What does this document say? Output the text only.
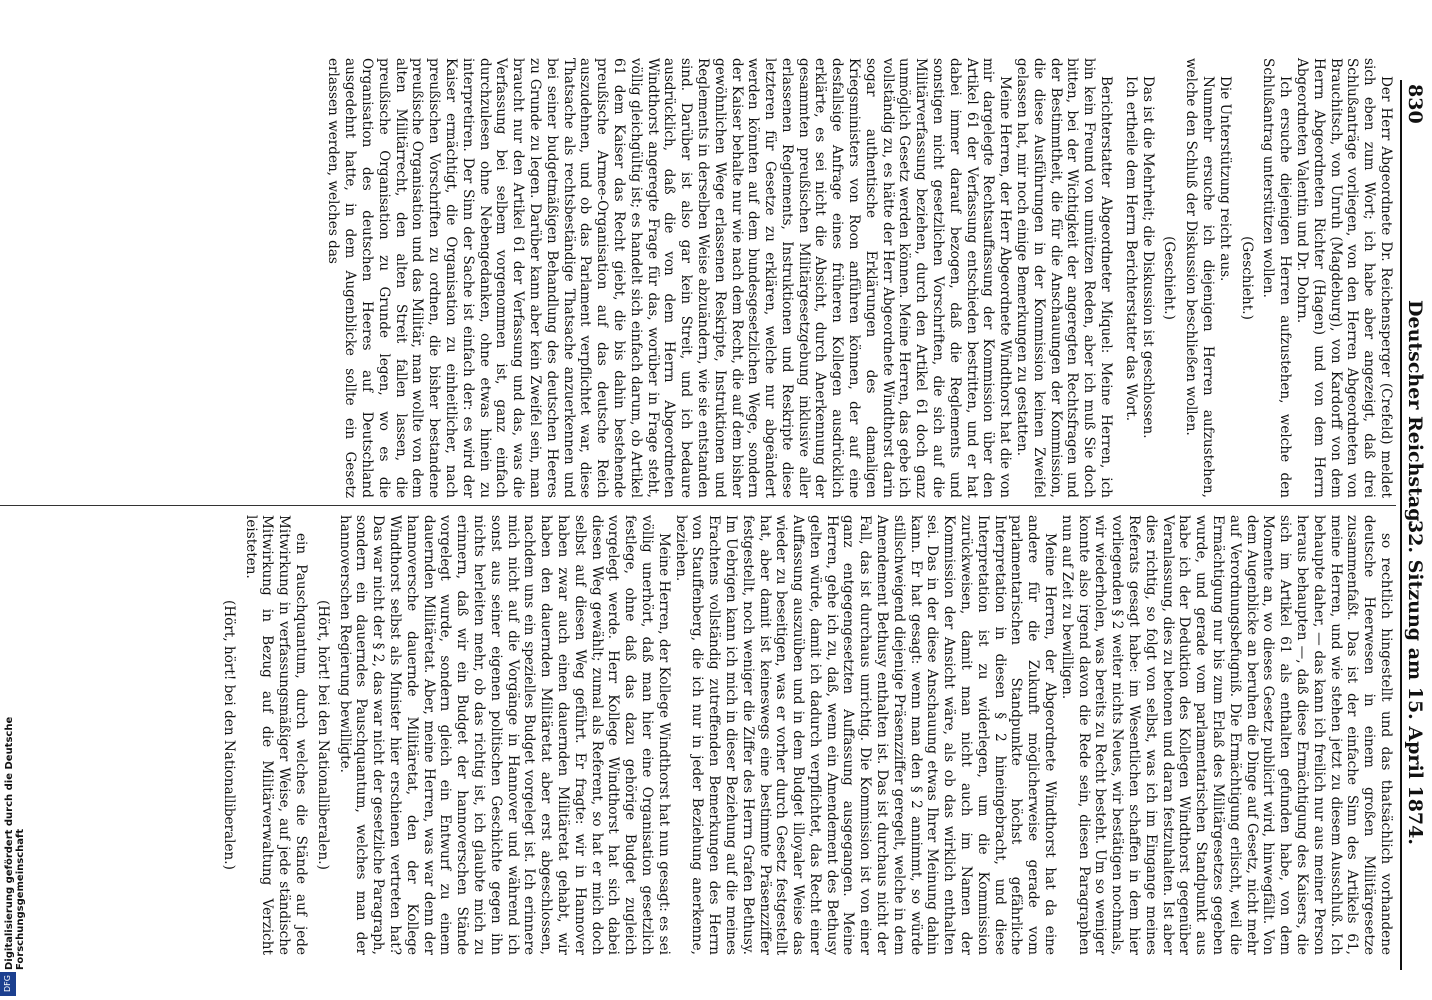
830
Deutscher Reichstag.
32. Sitzung am 15. April 1874.

Der Herr Abgeordnete Dr. Reichensperger (Crefeld) meldet sich eben zum Wort; ich habe aber angezeigt, daß drei Schlußanträge vorliegen, von den Herren Abgeordneten von Brauchitsch, von Unruh (Magdeburg), von Kardorff von dem Herrn Abgeordneten Richter (Hagen) und von dem Herrn Abgeordneten Valentin und Dr. Dohrn.

Ich ersuche diejenigen Herren aufzustehen, welche den Schlußantrag unterstützen wollen.

(Geschieht.)

Die Unterstützung reicht aus.

Nunmehr ersuche ich diejenigen Herren aufzustehen, welche den Schluß der Diskussion beschließen wollen.

(Geschieht.)

Das ist die Mehrheit; die Diskussion ist geschlossen.

Ich ertheile dem Herrn Berichterstatter das Wort.

Berichterstatter Abgeordneter Miquel: Meine Herren, ich bin kein Freund von unnützen Reden, aber ich muß Sie doch bitten, bei der Wichtigkeit der angeregten Rechtsfragen und der Bestimmtheit, die für die Anschauungen der Kommission, die diese Ausführungen in der Kommission keinen Zweifel gelassen hat, mir noch einige Bemerkungen zu gestatten.

Meine Herren, der Herr Abgeordnete Windthorst hat die von mir dargelegte Rechtsauffassung der Kommission über den Artikel 61 der Verfassung entschieden bestritten, und er hat dabei immer darauf bezogen, daß die Reglements und sonstigen nicht gesetzlichen Vorschriften, die sich auf die Militärverfassung beziehen, durch den Artikel 61 doch ganz unmöglich Gesetz werden können. Meine Herren, das gebe ich vollständig zu, es hätte der Herr Abgeordnete Windthorst darin sogar authentische Erklärungen des damaligen Kriegsministers von Roon anführen können, der auf eine desfallsige Anfrage eines früheren Kollegen ausdrücklich erklärte, es sei nicht die Absicht, durch Anerkennung der gesammten preußischen Militärgesetzgebung inklusive aller erlassenen Reglements, Instruktionen und Reskripte diese letzteren für Gesetze zu erklären, welche nur abgeändert werden könnten auf dem bundesgesetzlichen Wege, sondern der Kaiser behalte nur wie nach dem Recht, die auf dem bisher gewöhnlichen Wege erlassenen Reskripte, Instruktionen und Reglements in derselben Weise abzuändern, wie sie entstanden sind. Darüber ist also gar kein Streit, und ich bedaure ausdrücklich, daß die von dem Herrn Abgeordneten Windthorst angeregte Frage für das, worüber in Frage steht, völlig gleichgültig ist; es handelt sich einfach darum, ob Artikel 61 dem Kaiser das Recht giebt, die bis dahin bestehende preußische Armee-Organisation auf das deutsche Reich auszudehnen, und ob das Parlament verpflichtet war, diese Thatsache als rechtsbeständige Thatsache anzuerkennen und bei seiner budgetmäßigen Behandlung des deutschen Heeres zu Grunde zu legen. Darüber kann aber kein Zweifel sein, man braucht nur den Artikel 61 der Verfassung und das, was die Verfassung bei selbem vorgenommen ist, ganz einfach durchzulesen ohne Nebengedanken, ohne etwas hinein zu interpretiren. Der Sinn der Sache ist einfach der: es wird der Kaiser ermächtigt, die Organisation zu einheitlicher, nach preußischen Vorschriften zu ordnen, die bisher bestandene preußische Organisation und das Militär, man wollte von dem alten Militärrecht, den alten Streit fallen lassen, die preußische Organisation zu Grunde legen, wo es die Organisation des deutschen Heeres auf Deutschland ausgedehnt hatte, in dem Augenblicke sollte ein Gesetz erlassen werden, welches das

so rechtlich hingestellt und das thatsächlich vorhandene deutsche Heerwesen in einem großen Militärgesetze zusammenfaßt. Das ist der einfache Sinn des Artikels 61, meine Herren, und wie stehen jetzt zu diesem Ausschluß. Ich behaupte daher, — das kann ich freilich nur aus meiner Person heraus behaupten —, daß diese Ermächtigung des Kaisers, die sich im Artikel 61 als enthalten gefunden habe, von dem Momente an, wo dieses Gesetz publicirt wird, hinwegfällt. Von dem Augenblicke an beruhen die Dinge auf Gesetz, nicht mehr auf Verordnungsbefugniß. Die Ermächtigung erlischt, weil die Ermächtigung nur bis zum Erlaß des Militärgesetzes gegeben wurde, und gerade vom parlamentarischen Standpunkt aus habe ich der Deduktion des Kollegen Windthorst gegenüber Veranlassung, dies zu betonen und daran festzuhalten. Ist aber dies richtig, so folgt von selbst, was ich im Eingange meines Referats gesagt habe: im Wesentlichen schaffen in dem hier vorliegenden § 2 weiter nichts Neues, wir bestätigen nochmals, wir wiederholen, was bereits zu Recht besteht. Um so weniger konnte also irgend davon die Rede sein, diesen Paragraphen nun auf Zeit zu bewilligen.

Meine Herren, der Abgeordnete Windthorst hat da eine andere für die Zukunft möglicherweise gerade vom parlamentarischen Standpunkte höchst gefährliche Interpretation in diesen § 2 hineingebracht, und diese Interpretation ist zu widerlegen, um die Kommission zurückweisen, damit man nicht auch im Namen der Kommission der Ansicht wäre, als ob das wirklich enthalten sei. Das in der diese Anschauung etwas Ihrer Meinung dahin kann. Er hat gesagt: wenn man den § 2 annimmt, so würde stillschweigend diejenige Präsenzziffer geregelt, welche in dem Amendement Bethusy enthalten ist. Das ist durchaus nicht der Fall, das ist durchaus unrichtig. Die Kommission ist von einer ganz entgegengesetzten Auffassung ausgegangen. Meine Herren, gehe ich zu, daß, wenn ein Amendement des Bethusy gelten würde, damit ich dadurch verpflichtet, das Recht einer Auffassung auszuüben und in dem Budget illoyaler Weise das wieder zu beseitigen, was er vorher durch Gesetz festgestellt hat, aber damit ist keineswegs eine bestimmte Präsenzziffer festgestellt, noch weniger die Ziffer des Herrn Grafen Bethusy. Im Uebrigen kann ich mich in dieser Beziehung auf die meines Erachtens vollständig zutreffenden Bemerkungen des Herrn von Stauffenberg, die ich nur in jeder Beziehung anerkenne, beziehen.

Meine Herren, der Kollege Windthorst hat nun gesagt: es sei völlig unerhört, daß man hier eine Organisation gesetzlich festlege, ohne daß das dazu gehörige Budget zugleich vorgelegt werde. Herr Kollege Windthorst hat sich dabei diesen Weg gewählt; zumal als Referent, so hat er mich doch selbst auf diesen Weg geführt. Er fragte: wir in Hannover haben zwar auch einen dauernden Militäretat gehabt, wir haben den dauernden Militäretat aber erst abgeschlossen, nachdem uns ein spezielles Budget vorgelegt ist. Ich erinnere mich nicht auf die Vorgänge in Hannover und während ich sonst aus seiner eigenen politischen Geschichte gegen ihn nichts herleiten mehr, ob das richtig ist, ich glaubte mich zu erinnern, daß wir ein Budget der hannoverschen Stände vorgelegt wurde, sondern gleich ein Entwurf zu einem dauernden Militäretat. Aber, meine Herren, was war denn der hannoversche dauernde Militäretat, den der Kollege Windthorst selbst als Minister hier erschienen vertreten hat? Das war nicht der § 2, das war nicht der gesetzliche Paragraph, sondern ein dauerndes Pauschquantum, welches man der hannoverschen Regierung bewilligte.

(Hört, hört! bei den Nationalliberalen.)

ein Pauschquantum, durch welches die Stände auf jede Mitwirkung in verfassungsmäßiger Weise, auf jede ständische Mitwirkung in Bezug auf die Militärverwaltung Verzicht leisteten.

(Hört, hört! bei den Nationalliberalen.)

Digitalisierung gefördert durch die Deutsche Forschungsgemeinschaft
DFG
